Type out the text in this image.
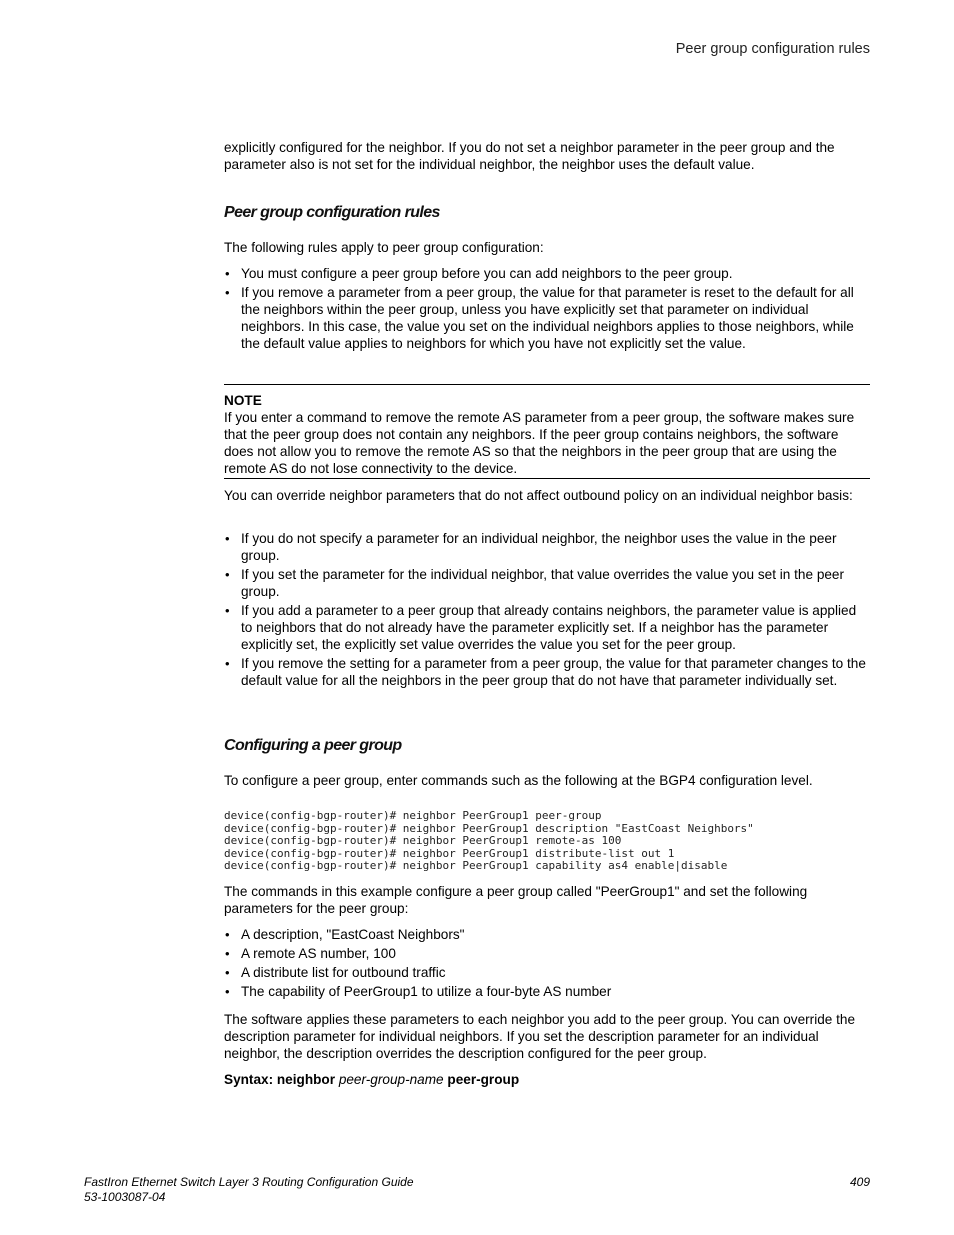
Peer group configuration rules

explicitly configured for the neighbor. If you do not set a neighbor parameter in the peer group and the parameter also is not set for the individual neighbor, the neighbor uses the default value.

Peer group configuration rules

The following rules apply to peer group configuration:

• You must configure a peer group before you can add neighbors to the peer group.
• If you remove a parameter from a peer group, the value for that parameter is reset to the default for all the neighbors within the peer group, unless you have explicitly set that parameter on individual neighbors. In this case, the value you set on the individual neighbors applies to those neighbors, while the default value applies to neighbors for which you have not explicitly set the value.
NOTE

If you enter a command to remove the remote AS parameter from a peer group, the software makes sure that the peer group does not contain any neighbors. If the peer group contains neighbors, the software does not allow you to remove the remote AS so that the neighbors in the peer group that are using the remote AS do not lose connectivity to the device.

You can override neighbor parameters that do not affect outbound policy on an individual neighbor basis:

• If you do not specify a parameter for an individual neighbor, the neighbor uses the value in the peer group.
• If you set the parameter for the individual neighbor, that value overrides the value you set in the peer group.
• If you add a parameter to a peer group that already contains neighbors, the parameter value is applied to neighbors that do not already have the parameter explicitly set. If a neighbor has the parameter explicitly set, the explicitly set value overrides the value you set for the peer group.
• If you remove the setting for a parameter from a peer group, the value for that parameter changes to the default value for all the neighbors in the peer group that do not have that parameter individually set.
Configuring a peer group

To configure a peer group, enter commands such as the following at the BGP4 configuration level.

device(config-bgp-router)# neighbor PeerGroup1 peer-group
device(config-bgp-router)# neighbor PeerGroup1 description "EastCoast Neighbors"
device(config-bgp-router)# neighbor PeerGroup1 remote-as 100
device(config-bgp-router)# neighbor PeerGroup1 distribute-list out 1
device(config-bgp-router)# neighbor PeerGroup1 capability as4 enable|disable

The commands in this example configure a peer group called "PeerGroup1" and set the following parameters for the peer group:

• A description, "EastCoast Neighbors"
• A remote AS number, 100
• A distribute list for outbound traffic
• The capability of PeerGroup1 to utilize a four-byte AS number

The software applies these parameters to each neighbor you add to the peer group. You can override the description parameter for individual neighbors. If you set the description parameter for an individual neighbor, the description overrides the description configured for the peer group.

Syntax: neighbor peer-group-name peer-group
FastIron Ethernet Switch Layer 3 Routing Configuration Guide
53-1003087-04
409
